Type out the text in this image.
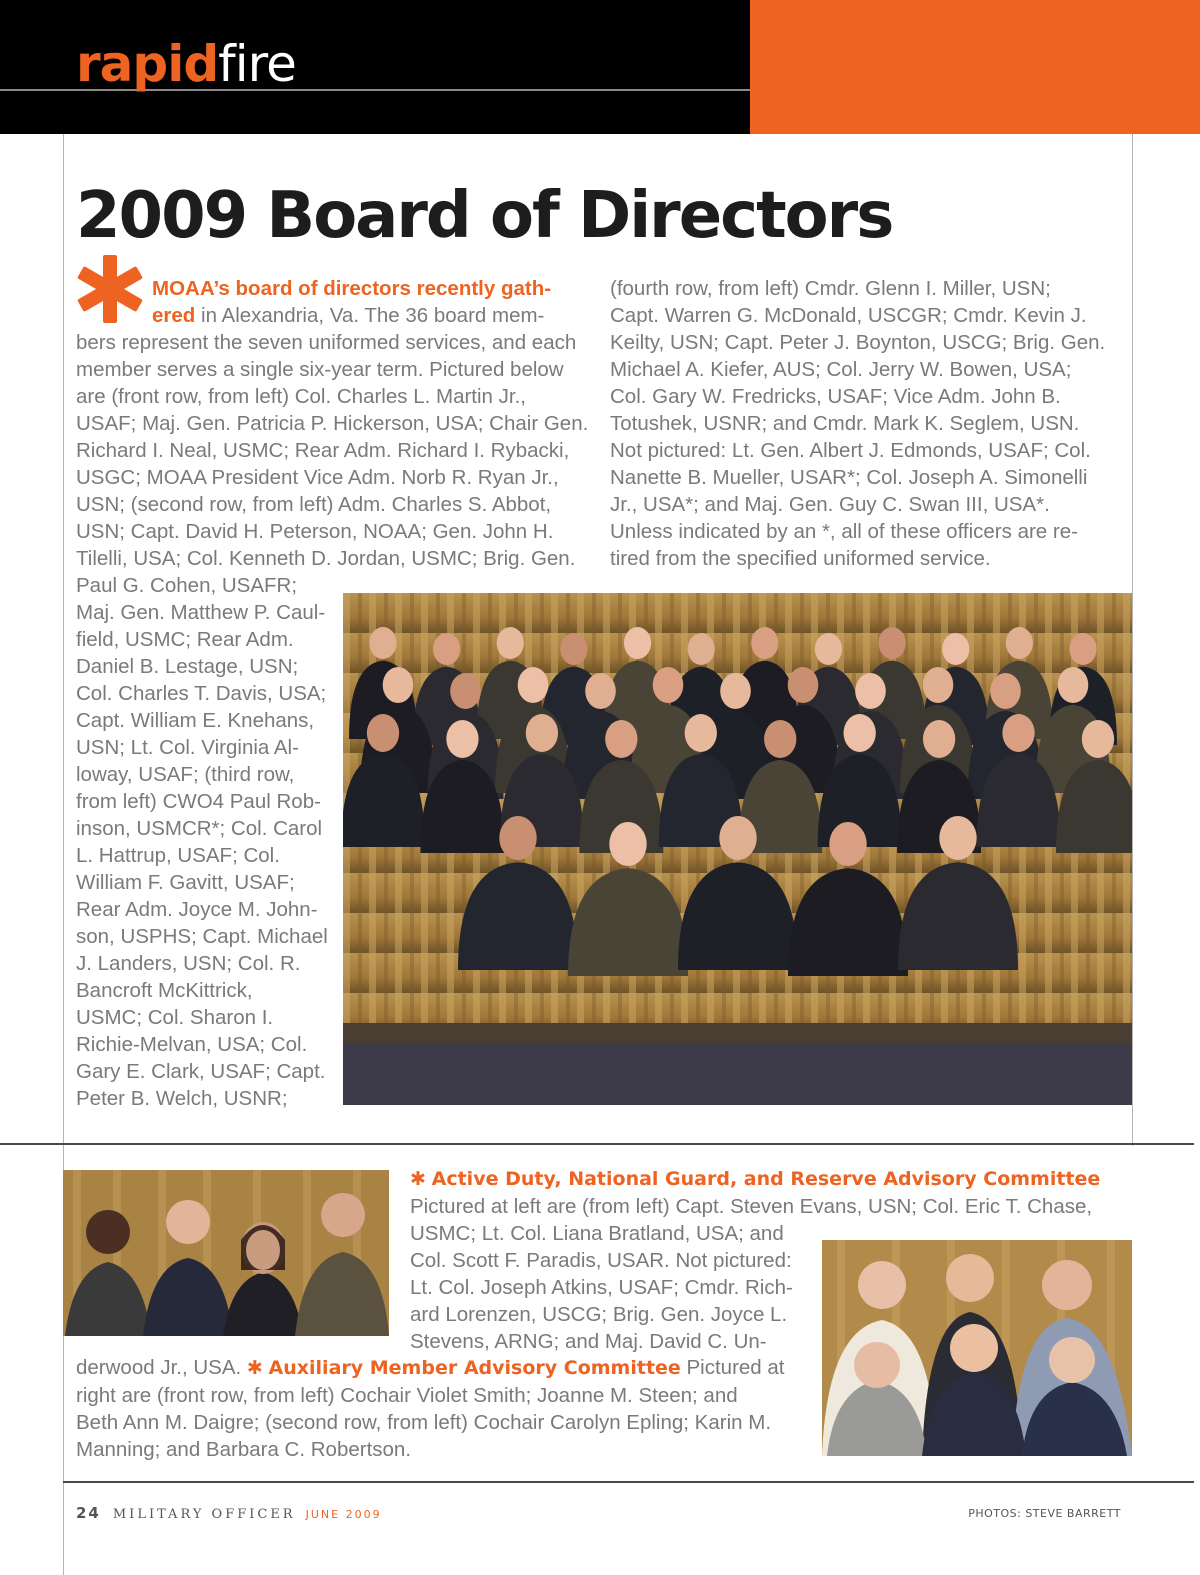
rapidfire
2009 Board of Directors
MOAA’s board of directors recently gath-
ered in Alexandria, Va. The 36 board mem-
bers represent the seven uniformed services, and each
member serves a single six-year term. Pictured below
are (front row, from left) Col. Charles L. Martin Jr.,
USAF; Maj. Gen. Patricia P. Hickerson, USA; Chair Gen.
Richard I. Neal, USMC; Rear Adm. Richard I. Rybacki,
USGC; MOAA President Vice Adm. Norb R. Ryan Jr.,
USN; (second row, from left) Adm. Charles S. Abbot,
USN; Capt. David H. Peterson, NOAA; Gen. John H.
Tilelli, USA; Col. Kenneth D. Jordan, USMC; Brig. Gen.
Paul G. Cohen, USAFR;
Maj. Gen. Matthew P. Caul-
field, USMC; Rear Adm.
Daniel B. Lestage, USN;
Col. Charles T. Davis, USA;
Capt. William E. Knehans,
USN; Lt. Col. Virginia Al-
loway, USAF; (third row,
from left) CWO4 Paul Rob-
inson, USMCR*; Col. Carol
L. Hattrup, USAF; Col.
William F. Gavitt, USAF;
Rear Adm. Joyce M. John-
son, USPHS; Capt. Michael
J. Landers, USN; Col. R.
Bancroft McKittrick,
USMC; Col. Sharon I.
Richie-Melvan, USA; Col.
Gary E. Clark, USAF; Capt.
Peter B. Welch, USNR;
(fourth row, from left) Cmdr. Glenn I. Miller, USN;
Capt. Warren G. McDonald, USCGR; Cmdr. Kevin J.
Keilty, USN; Capt. Peter J. Boynton, USCG; Brig. Gen.
Michael A. Kiefer, AUS; Col. Jerry W. Bowen, USA;
Col. Gary W. Fredricks, USAF; Vice Adm. John B.
Totushek, USNR; and Cmdr. Mark K. Seglem, USN.
Not pictured: Lt. Gen. Albert J. Edmonds, USAF; Col.
Nanette B. Mueller, USAR*; Col. Joseph A. Simonelli
Jr., USA*; and Maj. Gen. Guy C. Swan III, USA*.
Unless indicated by an *, all of these officers are re-
tired from the specified uniformed service.
✱ Active Duty, National Guard, and Reserve Advisory Committee
Pictured at left are (from left) Capt. Steven Evans, USN; Col. Eric T. Chase,
USMC; Lt. Col. Liana Bratland, USA; and
Col. Scott F. Paradis, USAR. Not pictured:
Lt. Col. Joseph Atkins, USAF; Cmdr. Rich-
ard Lorenzen, USCG; Brig. Gen. Joyce L.
Stevens, ARNG; and Maj. David C. Un-
derwood Jr., USA. ✱ Auxiliary Member Advisory Committee Pictured at
right are (front row, from left) Cochair Violet Smith; Joanne M. Steen; and
Beth Ann M. Daigre; (second row, from left) Cochair Carolyn Epling; Karin M.
Manning; and Barbara C. Robertson.
24 MILITARY OFFICER JUNE 2009	PHOTOS: STEVE BARRETT
